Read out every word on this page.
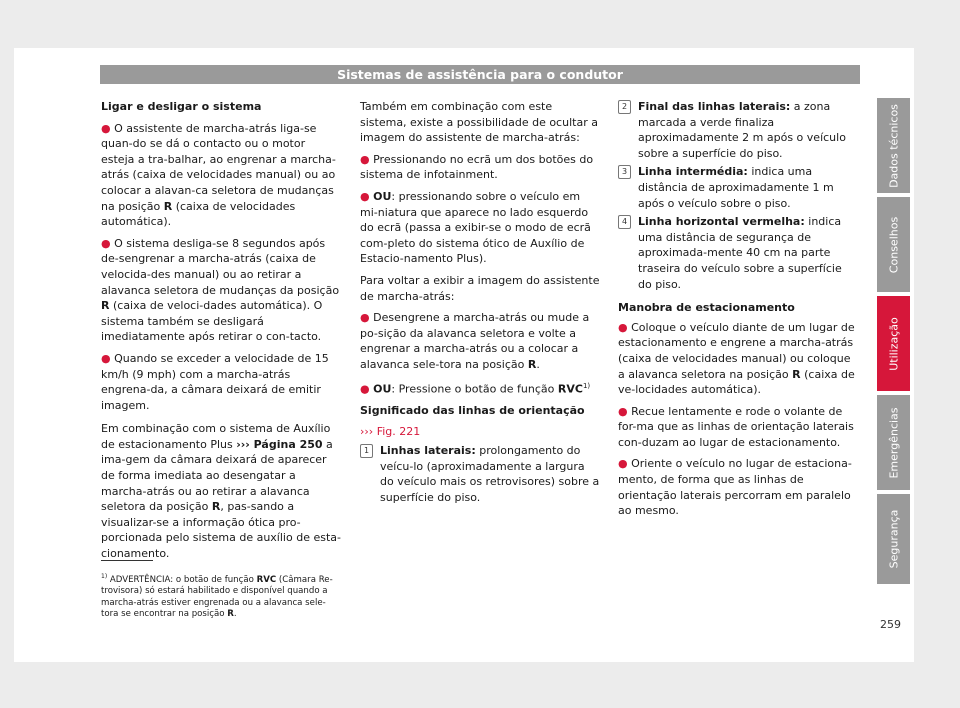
Sistemas de assistência para o condutor

Ligar e desligar o sistema

● O assistente de marcha-atrás liga-se quan-do se dá o contacto ou o motor esteja a tra-balhar, ao engrenar a marcha-atrás (caixa de velocidades manual) ou ao colocar a alavan-ca seletora de mudanças na posição R (caixa de velocidades automática).

● O sistema desliga-se 8 segundos após de-sengrenar a marcha-atrás (caixa de velocida-des manual) ou ao retirar a alavanca seletora de mudanças da posição R (caixa de veloci-dades automática). O sistema também se desligará imediatamente após retirar o con-tacto.

● Quando se exceder a velocidade de 15 km/h (9 mph) com a marcha-atrás engrena-da, a câmara deixará de emitir imagem.

Em combinação com o sistema de Auxílio de estacionamento Plus ››› Página 250 a ima-gem da câmara deixará de aparecer de forma imediata ao desengatar a marcha-atrás ou ao retirar a alavanca seletora da posição R, pas-sando a visualizar-se a informação ótica pro-porcionada pelo sistema de auxílio de esta-cionamento.

Também em combinação com este sistema, existe a possibilidade de ocultar a imagem do assistente de marcha-atrás:

● Pressionando no ecrã um dos botões do sistema de infotainment.

● OU: pressionando sobre o veículo em mi-niatura que aparece no lado esquerdo do ecrã (passa a exibir-se o modo de ecrã com-pleto do sistema ótico de Auxílio de Estacio-namento Plus).

Para voltar a exibir a imagem do assistente de marcha-atrás:

● Desengrene a marcha-atrás ou mude a po-sição da alavanca seletora e volte a engrenar a marcha-atrás ou a colocar a alavanca sele-tora na posição R.

● OU: Pressione o botão de função RVC$^{1)}$

Significado das linhas de orientação

››› Fig. 221

1 Linhas laterais: prolongamento do veícu-lo (aproximadamente a largura do veículo mais os retrovisores) sobre a superfície do piso.
2 Final das linhas laterais: a zona marcada a verde finaliza aproximadamente 2 m após o veículo sobre a superfície do piso.
3 Linha intermédia: indica uma distância de aproximadamente 1 m após o veículo sobre o piso.
4 Linha horizontal vermelha: indica uma distância de segurança de aproximada-mente 40 cm na parte traseira do veículo sobre a superfície do piso.

Manobra de estacionamento

● Coloque o veículo diante de um lugar de estacionamento e engrene a marcha-atrás (caixa de velocidades manual) ou coloque a alavanca seletora na posição R (caixa de ve-locidades automática).

● Recue lentamente e rode o volante de for-ma que as linhas de orientação laterais con-duzam ao lugar de estacionamento.

● Oriente o veículo no lugar de estaciona-mento, de forma que as linhas de orientação laterais percorram em paralelo ao mesmo.

$^{1)}$ ADVERTÊNCIA: o botão de função RVC (Câmara Re-trovisora) só estará habilitado e disponível quando a marcha-atrás estiver engrenada ou a alavanca sele-tora se encontrar na posição R.
Dados técnicos
Conselhos
Utilização
Emergências
Segurança
259
